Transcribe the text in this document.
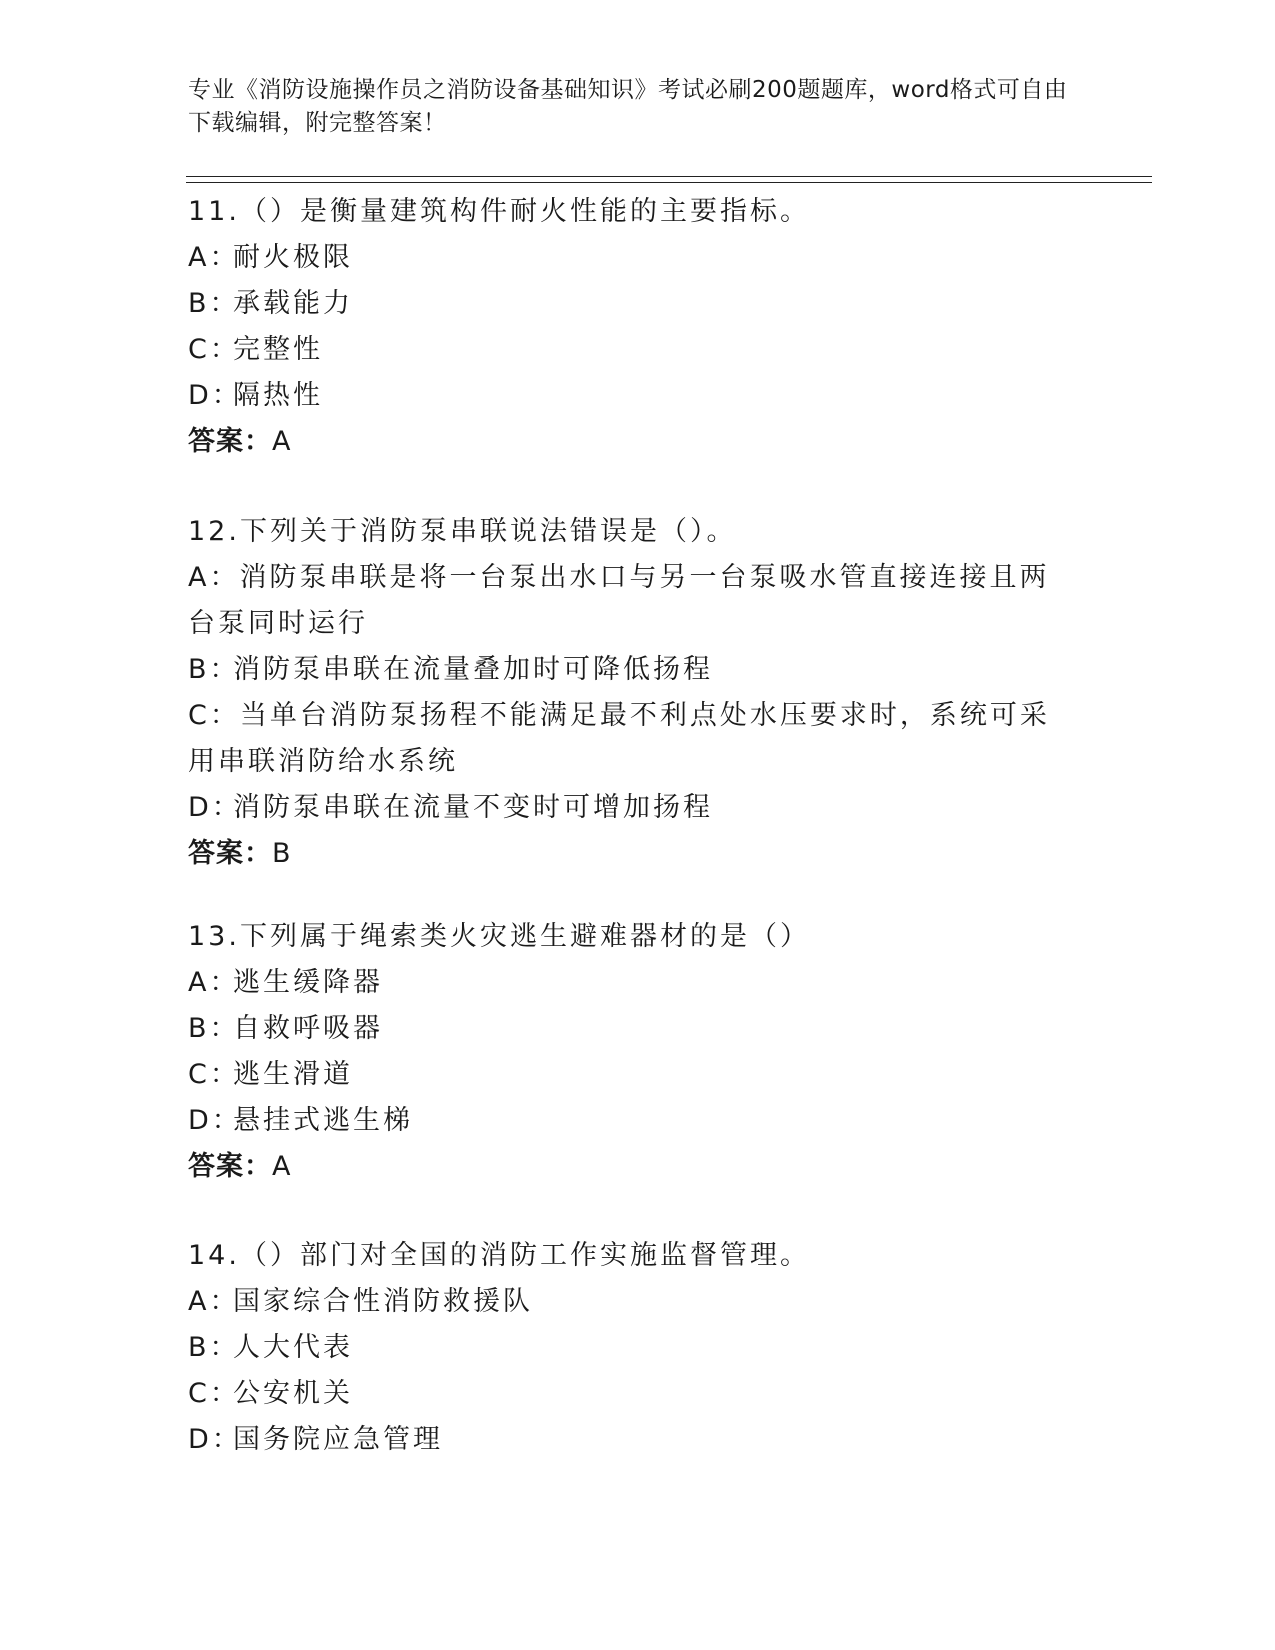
专业《消防设施操作员之消防设备基础知识》考试必刷200题题库，word格式可自由下载编辑，附完整答案！
11.（）是衡量建筑构件耐火性能的主要指标。
A：耐火极限
B：承载能力
C：完整性
D：隔热性
答案：A
12.下列关于消防泵串联说法错误是（）。
A：消防泵串联是将一台泵出水口与另一台泵吸水管直接连接且两台泵同时运行
B：消防泵串联在流量叠加时可降低扬程
C：当单台消防泵扬程不能满足最不利点处水压要求时，系统可采用串联消防给水系统
D：消防泵串联在流量不变时可增加扬程
答案：B
13.下列属于绳索类火灾逃生避难器材的是（）
A：逃生缓降器
B：自救呼吸器
C：逃生滑道
D：悬挂式逃生梯
答案：A
14.（）部门对全国的消防工作实施监督管理。
A：国家综合性消防救援队
B：人大代表
C：公安机关
D：国务院应急管理
